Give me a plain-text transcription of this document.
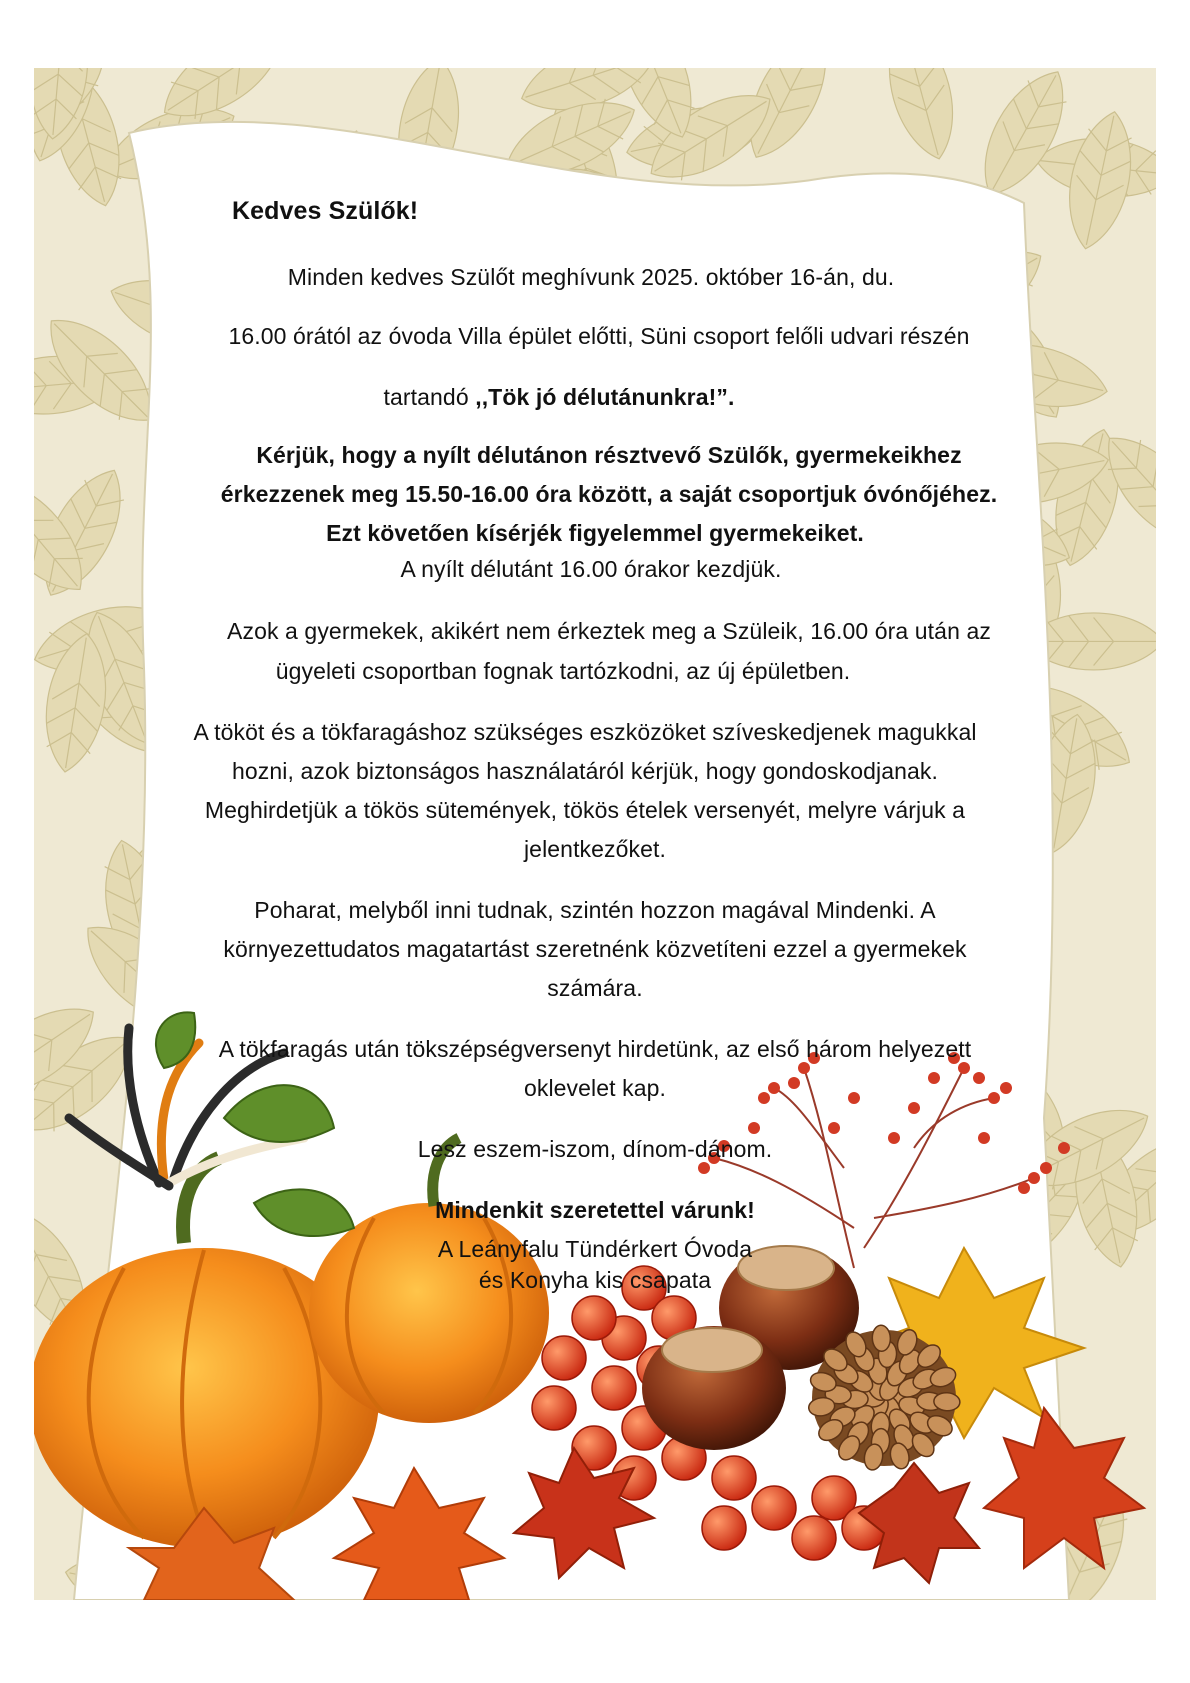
Kedves Szülők!
Minden kedves Szülőt meghívunk 2025. október 16-án, du.
16.00 órától az óvoda Villa épület előtti, Süni csoport felőli udvari részén
tartandó ,,Tök jó délutánunkra!”.
Kérjük, hogy a nyílt délutánon résztvevő Szülők, gyermekeikhez
érkezzenek meg 15.50-16.00 óra között, a saját csoportjuk óvónőjéhez.
Ezt követően kísérjék figyelemmel gyermekeiket.
A nyílt délutánt 16.00 órakor kezdjük.
Azok a gyermekek, akikért nem érkeztek meg a Szüleik, 16.00 óra után az
ügyeleti csoportban fognak tartózkodni, az új épületben.
A tököt és a tökfaragáshoz szükséges eszközöket szíveskedjenek magukkal
hozni, azok biztonságos használatáról kérjük, hogy gondoskodjanak.
Meghirdetjük a tökös sütemények, tökös ételek versenyét, melyre várjuk a
jelentkezőket.
Poharat, melyből inni tudnak, szintén hozzon magával Mindenki. A
környezettudatos magatartást szeretnénk közvetíteni ezzel a gyermekek
számára.
A tökfaragás után tökszépségversenyt hirdetünk, az első három helyezett
oklevelet kap.
Lesz eszem-iszom, dínom-dánom.
Mindenkit szeretettel várunk!
A Leányfalu Tündérkert Óvoda
és Konyha kis csapata
